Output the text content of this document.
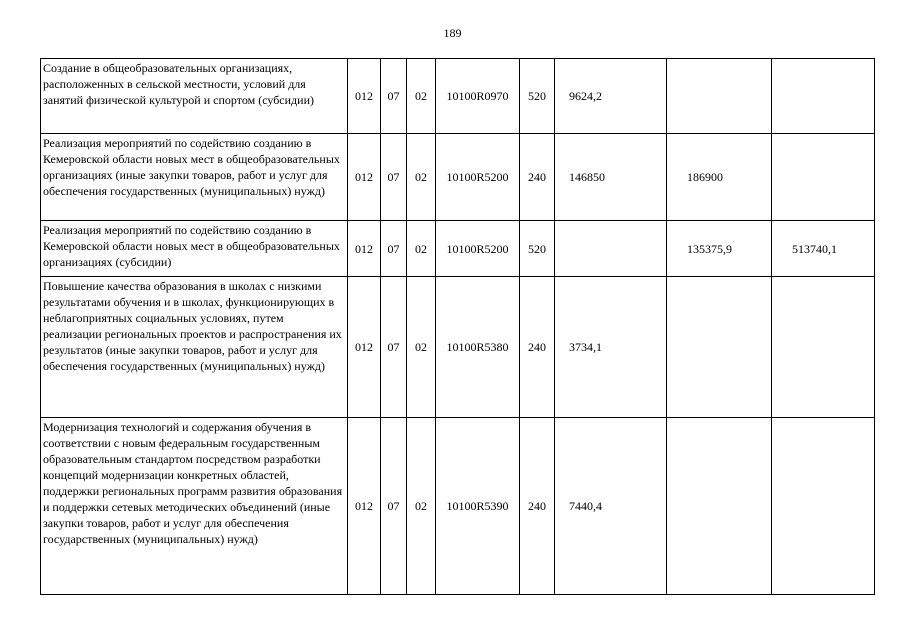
189
Создание в общеобразовательных организациях, расположенных в сельской местности, условий для занятий физической культурой и спортом (субсидии)	012	07	02	10100R0970	520	9624,2		
Реализация мероприятий по содействию созданию в Кемеровской области новых мест в общеобразовательных организациях (иные закупки товаров, работ и услуг для обеспечения государственных (муниципальных) нужд)	012	07	02	10100R5200	240	146850	186900	
Реализация мероприятий по содействию созданию в Кемеровской области новых мест в общеобразовательных организациях (субсидии)	012	07	02	10100R5200	520		135375,9	513740,1
Повышение качества образования в школах с низкими результатами обучения и в школах, функционирующих в неблагоприятных социальных условиях, путем реализации региональных проектов и распространения их результатов (иные закупки товаров, работ и услуг для обеспечения государственных (муниципальных) нужд)	012	07	02	10100R5380	240	3734,1		
Модернизация технологий и содержания обучения в соответствии с новым федеральным государственным образовательным стандартом посредством разработки концепций модернизации конкретных областей, поддержки региональных программ развития образования и поддержки сетевых методических объединений (иные закупки товаров, работ и услуг для обеспечения государственных (муниципальных) нужд)	012	07	02	10100R5390	240	7440,4		
